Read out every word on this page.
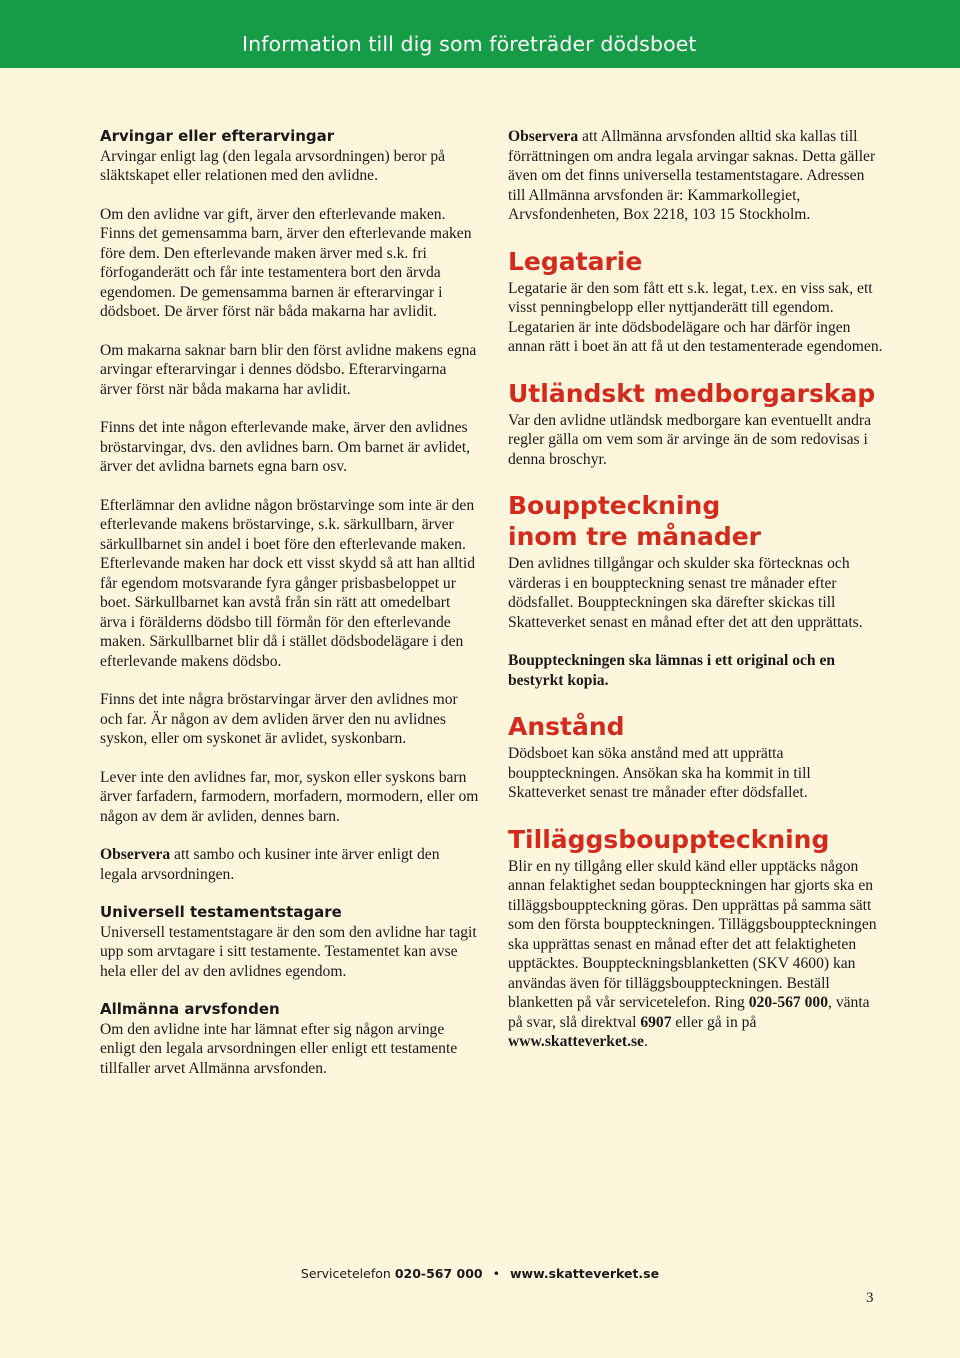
Information till dig som företräder dödsboet
Arvingar eller efterarvingar

Arvingar enligt lag (den legala arvsordningen) beror på släktskapet eller relationen med den avlidne.

Om den avlidne var gift, ärver den efterlevande maken. Finns det gemensamma barn, ärver den efterlevande maken före dem. Den efterlevande maken ärver med s.k. fri förfoganderätt och får inte testamentera bort den ärvda egendomen. De gemensamma barnen är efterarvingar i dödsboet. De ärver först när båda makarna har avlidit.

Om makarna saknar barn blir den först avlidne makens egna arvingar efterarvingar i dennes dödsbo. Efterarvingarna ärver först när båda makarna har avlidit.

Finns det inte någon efterlevande make, ärver den avlidnes bröstarvingar, dvs. den avlidnes barn. Om barnet är avlidet, ärver det avlidna barnets egna barn osv.

Efterlämnar den avlidne någon bröstarvinge som inte är den efterlevande makens bröstarvinge, s.k. särkullbarn, ärver särkullbarnet sin andel i boet före den efterlevande maken. Efterlevande maken har dock ett visst skydd så att han alltid får egendom motsvarande fyra gånger prisbasbeloppet ur boet. Särkullbarnet kan avstå från sin rätt att omedelbart ärva i förälderns dödsbo till förmån för den efterlevande maken. Särkullbarnet blir då i stället dödsbodelägare i den efterlevande makens dödsbo.

Finns det inte några bröstarvingar ärver den avlidnes mor och far. Är någon av dem avliden ärver den nu avlidnes syskon, eller om syskonet är avlidet, syskonbarn.

Lever inte den avlidnes far, mor, syskon eller syskons barn ärver farfadern, farmodern, morfadern, mormodern, eller om någon av dem är avliden, dennes barn.

Observera att sambo och kusiner inte ärver enligt den legala arvsordningen.

Universell testamentstagare

Universell testamentstagare är den som den avlidne har tagit upp som arvtagare i sitt testamente. Testamentet kan avse hela eller del av den avlidnes egendom.

Allmänna arvsfonden

Om den avlidne inte har lämnat efter sig någon arvinge enligt den legala arvsordningen eller enligt ett testamente tillfaller arvet Allmänna arvsfonden.

Observera att Allmänna arvsfonden alltid ska kallas till förrättningen om andra legala arvingar saknas. Detta gäller även om det finns universella testamentstagare. Adressen till Allmänna arvsfonden är: Kammarkollegiet, Arvsfondenheten, Box 2218, 103 15 Stockholm.

Legatarie

Legatarie är den som fått ett s.k. legat, t.ex. en viss sak, ett visst penningbelopp eller nyttjanderätt till egendom. Legatarien är inte dödsbodelägare och har därför ingen annan rätt i boet än att få ut den testamenterade egendomen.

Utländskt medborgarskap

Var den avlidne utländsk medborgare kan eventuellt andra regler gälla om vem som är arvinge än de som redovisas i denna broschyr.

Bouppteckning
inom tre månader

Den avlidnes tillgångar och skulder ska förtecknas och värderas i en bouppteckning senast tre månader efter dödsfallet. Bouppteckningen ska därefter skickas till Skatteverket senast en månad efter det att den upprättats.

Bouppteckningen ska lämnas i ett original och en bestyrkt kopia.

Anstånd

Dödsboet kan söka anstånd med att upprätta bouppteckningen. Ansökan ska ha kommit in till Skatteverket senast tre månader efter dödsfallet.

Tilläggsbouppteckning

Blir en ny tillgång eller skuld känd eller upptäcks någon annan felaktighet sedan bouppteckningen har gjorts ska en tilläggsbouppteckning göras. Den upprättas på samma sätt som den första bouppteckningen. Tilläggsbouppteckningen ska upprättas senast en månad efter det att felaktigheten upptäcktes. Bouppteckningsblanketten (SKV 4600) kan användas även för tilläggsbouppteckningen. Beställ blanketten på vår servicetelefon. Ring 020-567 000, vänta på svar, slå direktval 6907 eller gå in på www.skatteverket.se.

Servicetelefon 020-567 000 • www.skatteverket.se
3
